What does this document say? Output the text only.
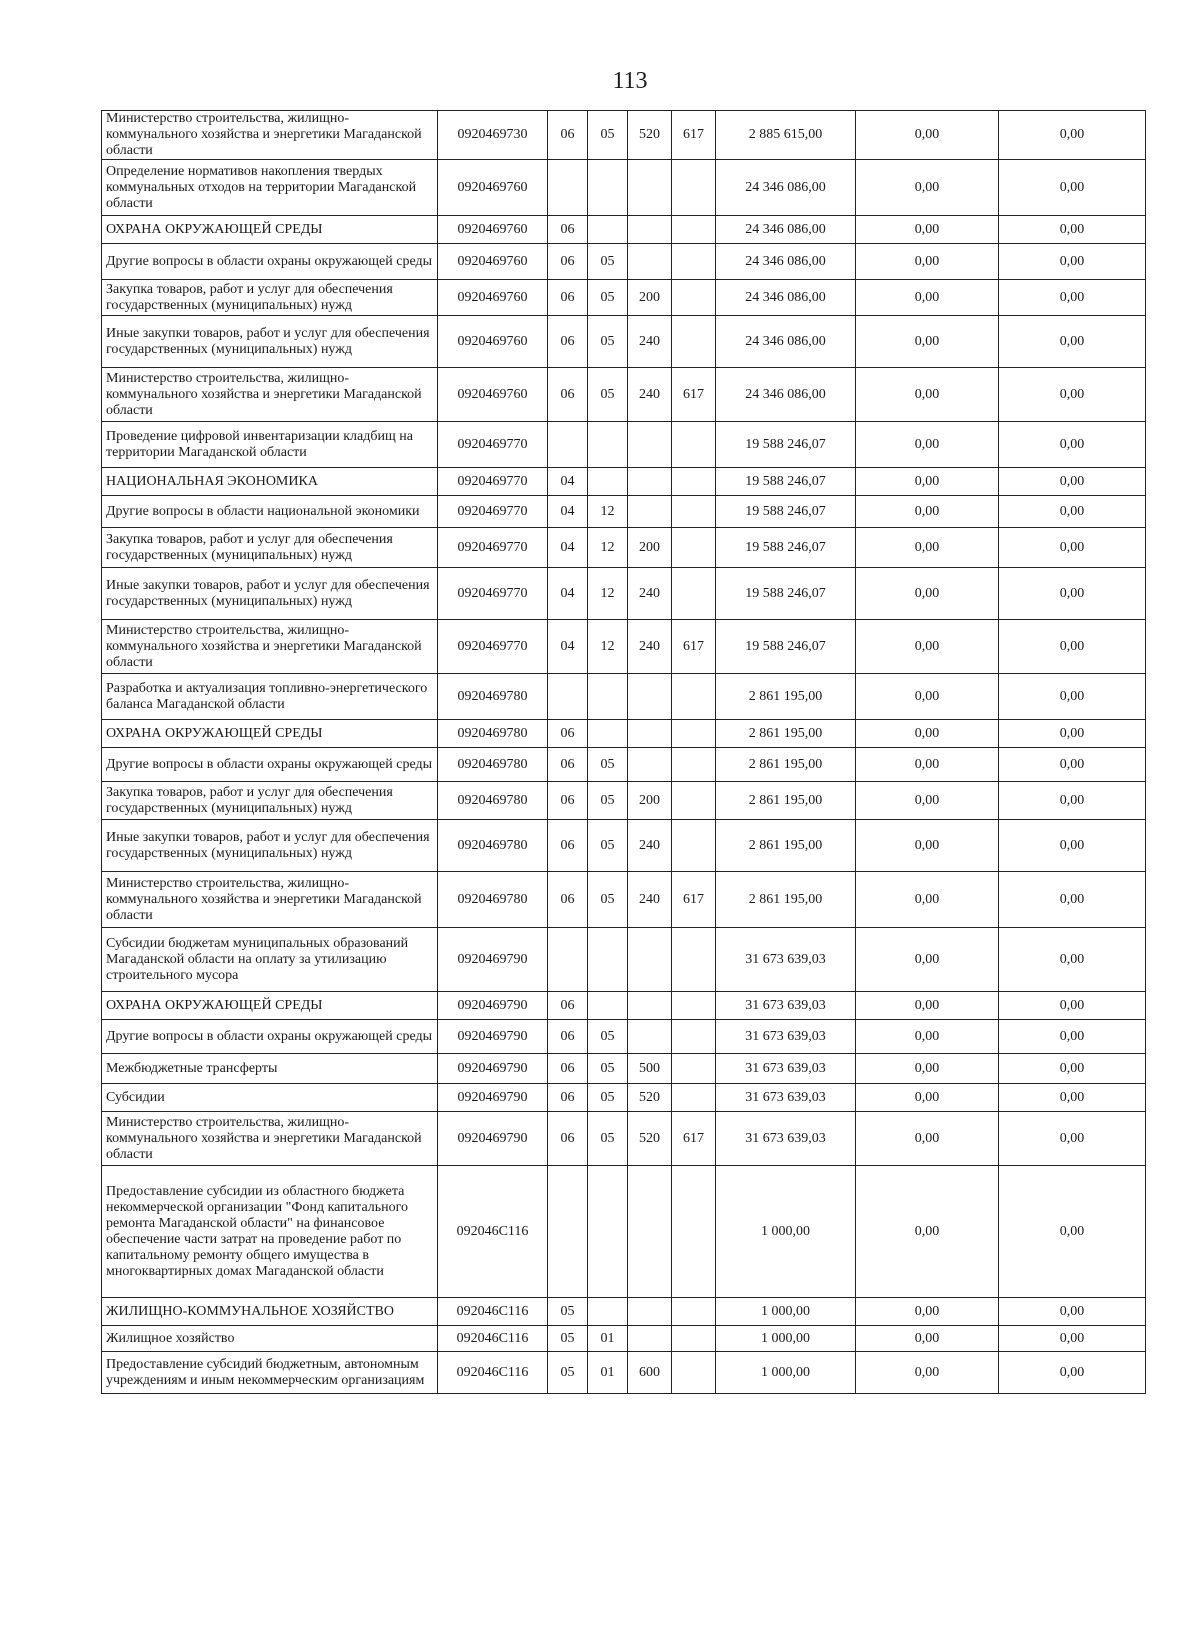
113
Министерство строительства, жилищно-коммунального хозяйства и энергетики Магаданской области	0920469730	06	05	520	617	2 885 615,00	0,00	0,00
Определение нормативов накопления твердых коммунальных отходов на территории Магаданской области	0920469760					24 346 086,00	0,00	0,00
ОХРАНА ОКРУЖАЮЩЕЙ СРЕДЫ	0920469760	06				24 346 086,00	0,00	0,00
Другие вопросы в области охраны окружающей среды	0920469760	06	05			24 346 086,00	0,00	0,00
Закупка товаров, работ и услуг для обеспечения государственных (муниципальных) нужд	0920469760	06	05	200		24 346 086,00	0,00	0,00
Иные закупки товаров, работ и услуг для обеспечения государственных (муниципальных) нужд	0920469760	06	05	240		24 346 086,00	0,00	0,00
Министерство строительства, жилищно-коммунального хозяйства и энергетики Магаданской области	0920469760	06	05	240	617	24 346 086,00	0,00	0,00
Проведение цифровой инвентаризации кладбищ на территории Магаданской области	0920469770					19 588 246,07	0,00	0,00
НАЦИОНАЛЬНАЯ ЭКОНОМИКА	0920469770	04				19 588 246,07	0,00	0,00
Другие вопросы в области национальной экономики	0920469770	04	12			19 588 246,07	0,00	0,00
Закупка товаров, работ и услуг для обеспечения государственных (муниципальных) нужд	0920469770	04	12	200		19 588 246,07	0,00	0,00
Иные закупки товаров, работ и услуг для обеспечения государственных (муниципальных) нужд	0920469770	04	12	240		19 588 246,07	0,00	0,00
Министерство строительства, жилищно-коммунального хозяйства и энергетики Магаданской области	0920469770	04	12	240	617	19 588 246,07	0,00	0,00
Разработка и актуализация топливно-энергетического баланса Магаданской области	0920469780					2 861 195,00	0,00	0,00
ОХРАНА ОКРУЖАЮЩЕЙ СРЕДЫ	0920469780	06				2 861 195,00	0,00	0,00
Другие вопросы в области охраны окружающей среды	0920469780	06	05			2 861 195,00	0,00	0,00
Закупка товаров, работ и услуг для обеспечения государственных (муниципальных) нужд	0920469780	06	05	200		2 861 195,00	0,00	0,00
Иные закупки товаров, работ и услуг для обеспечения государственных (муниципальных) нужд	0920469780	06	05	240		2 861 195,00	0,00	0,00
Министерство строительства, жилищно-коммунального хозяйства и энергетики Магаданской области	0920469780	06	05	240	617	2 861 195,00	0,00	0,00
Субсидии бюджетам муниципальных образований Магаданской области на оплату за утилизацию строительного мусора	0920469790					31 673 639,03	0,00	0,00
ОХРАНА ОКРУЖАЮЩЕЙ СРЕДЫ	0920469790	06				31 673 639,03	0,00	0,00
Другие вопросы в области охраны окружающей среды	0920469790	06	05			31 673 639,03	0,00	0,00
Межбюджетные трансферты	0920469790	06	05	500		31 673 639,03	0,00	0,00
Субсидии	0920469790	06	05	520		31 673 639,03	0,00	0,00
Министерство строительства, жилищно-коммунального хозяйства и энергетики Магаданской области	0920469790	06	05	520	617	31 673 639,03	0,00	0,00
Предоставление субсидии из областного бюджета некоммерческой организации "Фонд капитального ремонта Магаданской области" на финансовое обеспечение части затрат на проведение работ по капитальному ремонту общего имущества в многоквартирных домах Магаданской области	092046С116					1 000,00	0,00	0,00
ЖИЛИЩНО-КОММУНАЛЬНОЕ ХОЗЯЙСТВО	092046С116	05				1 000,00	0,00	0,00
Жилищное хозяйство	092046С116	05	01			1 000,00	0,00	0,00
Предоставление субсидий бюджетным, автономным учреждениям и иным некоммерческим организациям	092046С116	05	01	600		1 000,00	0,00	0,00
